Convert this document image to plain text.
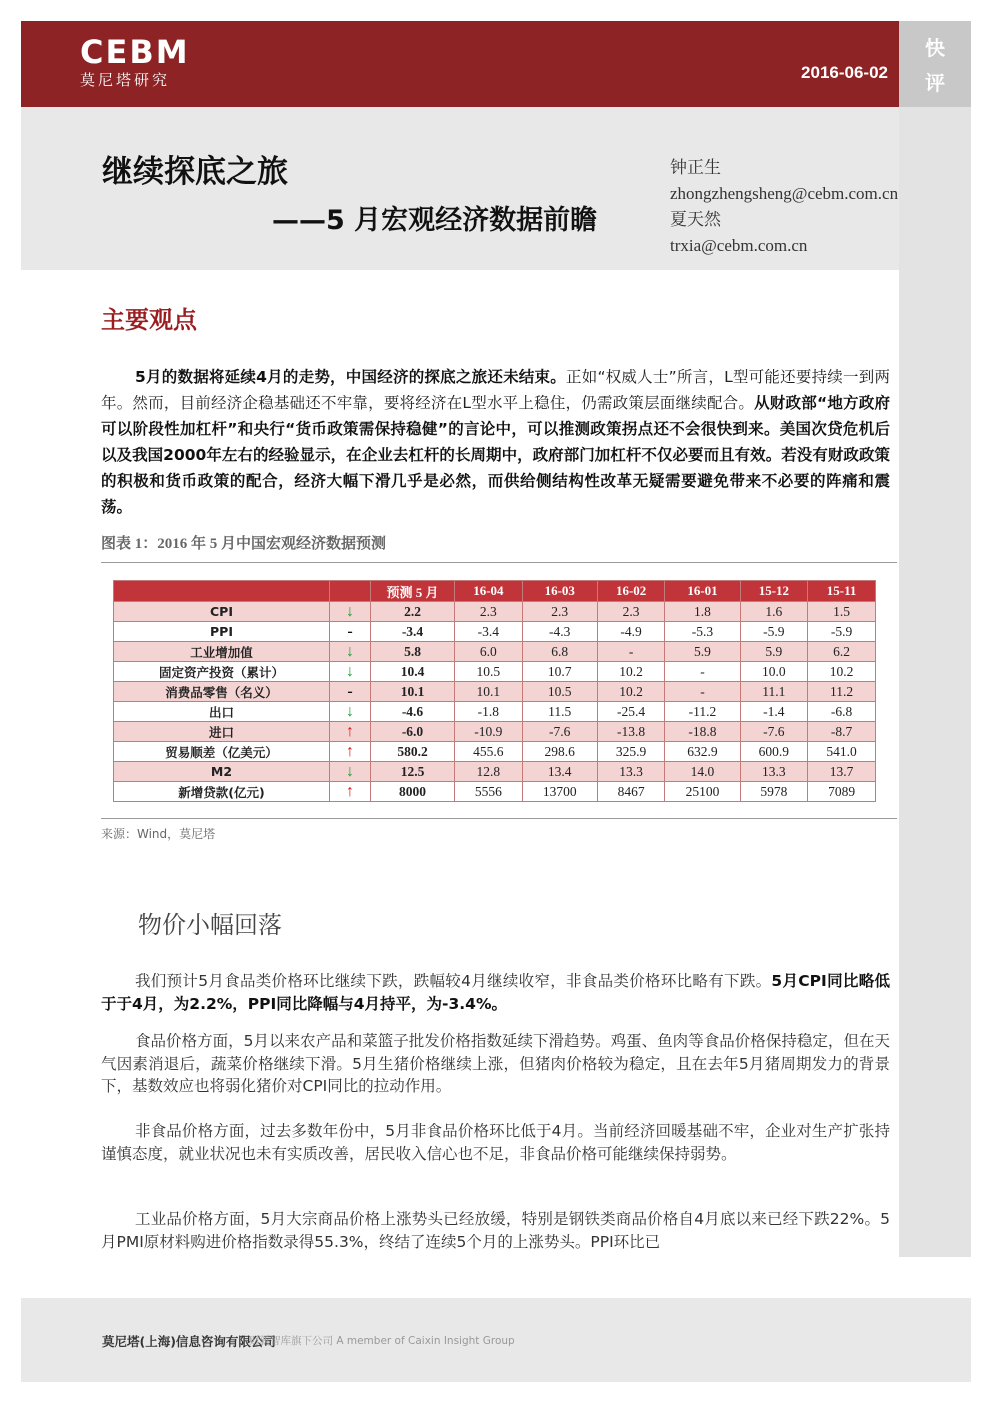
CEBM
莫尼塔研究	2016-06-02
快
评
继续探底之旅
——5 月宏观经济数据前瞻
钟正生
zhongzhengsheng@cebm.com.cn
夏天然
trxia@cebm.com.cn
主要观点
5月的数据将延续4月的走势，中国经济的探底之旅还未结束。正如“权威人士”所言，L型可能还要持续一到两年。然而，目前经济企稳基础还不牢靠，要将经济在L型水平上稳住，仍需政策层面继续配合。从财政部“地方政府可以阶段性加杠杆”和央行“货币政策需保持稳健”的言论中，可以推测政策拐点还不会很快到来。美国次贷危机后以及我国2000年左右的经验显示，在企业去杠杆的长周期中，政府部门加杠杆不仅必要而且有效。若没有财政政策的积极和货币政策的配合，经济大幅下滑几乎是必然，而供给侧结构性改革无疑需要避免带来不必要的阵痛和震荡。
图表 1：2016 年 5 月中国宏观经济数据预测
		预测 5 月	16-04	16-03	16-02	16-01	15-12	15-11
CPI	↓	2.2	2.3	2.3	2.3	1.8	1.6	1.5
PPI	-	-3.4	-3.4	-4.3	-4.9	-5.3	-5.9	-5.9
工业增加值	↓	5.8	6.0	6.8	-	5.9	5.9	6.2
固定资产投资（累计）	↓	10.4	10.5	10.7	10.2	-	10.0	10.2
消费品零售（名义）	-	10.1	10.1	10.5	10.2	-	11.1	11.2
出口	↓	-4.6	-1.8	11.5	-25.4	-11.2	-1.4	-6.8
进口	↑	-6.0	-10.9	-7.6	-13.8	-18.8	-7.6	-8.7
贸易顺差（亿美元）	↑	580.2	455.6	298.6	325.9	632.9	600.9	541.0
M2	↓	12.5	12.8	13.4	13.3	14.0	13.3	13.7
新增贷款(亿元)	↑	8000	5556	13700	8467	25100	5978	7089
来源：Wind，莫尼塔
物价小幅回落
我们预计5月食品类价格环比继续下跌，跌幅较4月继续收窄，非食品类价格环比略有下跌。5月CPI同比略低于于4月，为2.2%，PPI同比降幅与4月持平，为-3.4%。
食品价格方面，5月以来农产品和菜篮子批发价格指数延续下滑趋势。鸡蛋、鱼肉等食品价格保持稳定，但在天气因素消退后，蔬菜价格继续下滑。5月生猪价格继续上涨，但猪肉价格较为稳定，且在去年5月猪周期发力的背景下，基数效应也将弱化猪价对CPI同比的拉动作用。
非食品价格方面，过去多数年份中，5月非食品价格环比低于4月。当前经济回暖基础不牢，企业对生产扩张持谨慎态度，就业状况也未有实质改善，居民收入信心也不足，非食品价格可能继续保持弱势。
工业品价格方面，5月大宗商品价格上涨势头已经放缓，特别是钢铁类商品价格自4月底以来已经下跌22%。5月PMI原材料购进价格指数录得55.3%，终结了连续5个月的上涨势头。PPI环比已
莫尼塔(上海)信息咨询有限公司
财新智库旗下公司 A member of Caixin Insight Group
